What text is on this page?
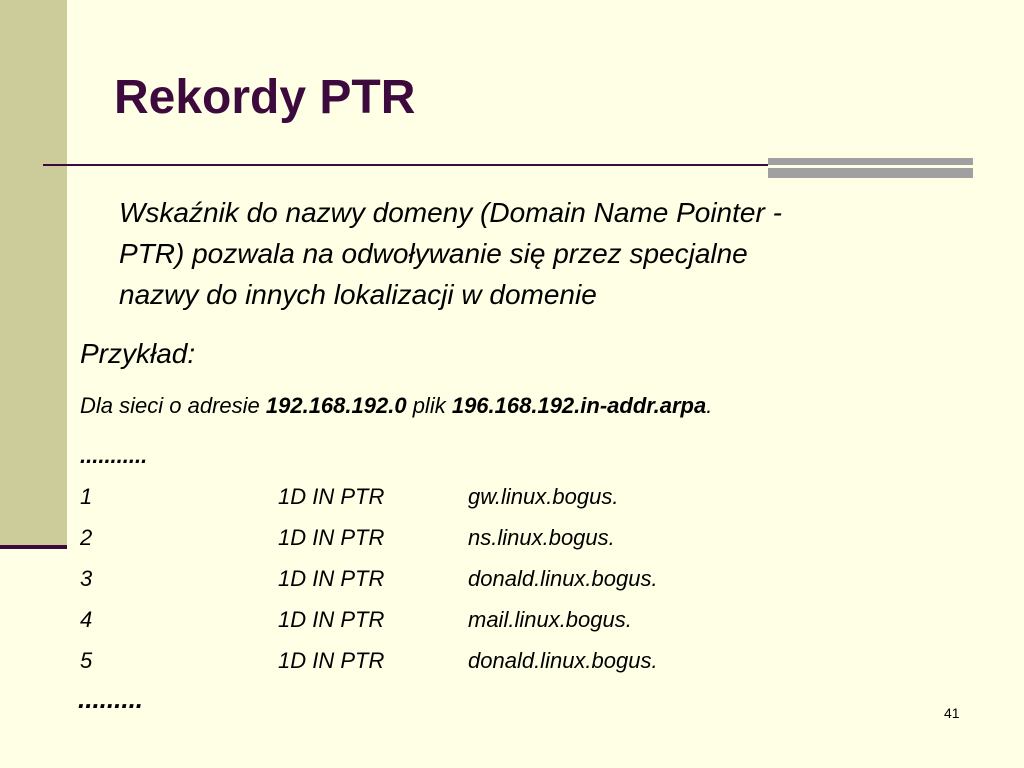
Rekordy PTR

Wskaźnik do nazwy domeny (Domain Name Pointer -
PTR) pozwala na odwoływanie się przez specjalne
nazwy do innych lokalizacji w domenie

Przykład:
Dla sieci o adresie 192.168.192.0 plik 196.168.192.in-addr.arpa.
...........
1	1D IN PTR	gw.linux.bogus.
2	1D IN PTR	ns.linux.bogus.
3	1D IN PTR	donald.linux.bogus.
4	1D IN PTR	mail.linux.bogus.
5	1D IN PTR	donald.linux.bogus.
.........	41
